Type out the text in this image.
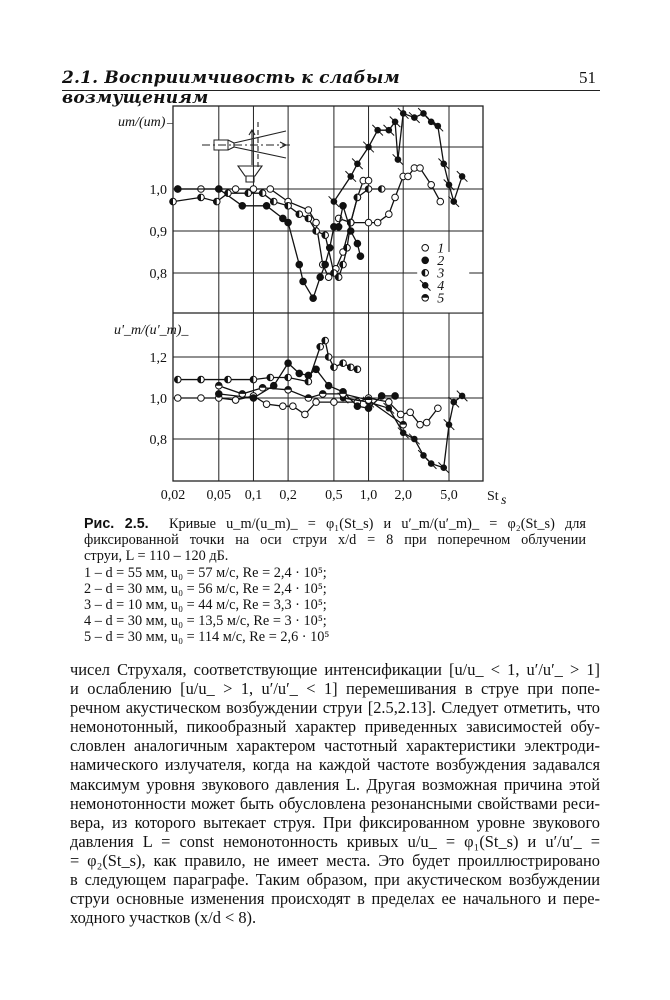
2.1. Восприимчивость к слабым возмущениям
51
0,02 0,05 0,1 0,2 0,5 1,0 2,0 5,0 St s
1,0
0,9
0,8
1,2
1,0
0,8
um/(um)₋
u'_m/(u'_m)_
1
2
3
4
5
Рис. 2.5. Кривые u_m/(u_m)_ = φ₁(St_s) и u′_m/(u′_m)_ = φ₂(St_s) для
фиксированной точки на оси струи x/d = 8 при поперечном облучении
струи, L = 110 – 120 дБ.
1 – d = 55 мм, u₀ = 57 м/с, Re = 2,4 · 10⁵;
2 – d = 30 мм, u₀ = 56 м/с, Re = 2,4 · 10⁵;
3 – d = 10 мм, u₀ = 44 м/с, Re = 3,3 · 10⁵;
4 – d = 30 мм, u₀ = 13,5 м/с, Re = 3 · 10⁵;
5 – d = 30 мм, u₀ = 114 м/с, Re = 2,6 · 10⁵
чисел Струхаля, соответствующие интенсификации [u/u_ < 1, u′/u′_ > 1]
и ослаблению [u/u_ > 1, u′/u′_ < 1] перемешивания в струе при попе-
речном акустическом возбуждении струи [2.5,2.13]. Следует отметить, что
немонотонный, пикообразный характер приведенных зависимостей обу-
словлен аналогичным характером частотный характеристики электроди-
намического излучателя, когда на каждой частоте возбуждения задавался
максимум уровня звукового давления L. Другая возможная причина этой
немонотонности может быть обусловлена резонансными свойствами реси-
вера, из которого вытекает струя. При фиксированном уровне звукового
давления L = const немонотонность кривых u/u_ = φ₁(St_s) и u′/u′_ =
= φ₂(St_s), как правило, не имеет места. Это будет проиллюстрировано
в следующем параграфе. Таким образом, при акустическом возбуждении
струи основные изменения происходят в пределах ее начального и пере-
ходного участков (x/d < 8).
